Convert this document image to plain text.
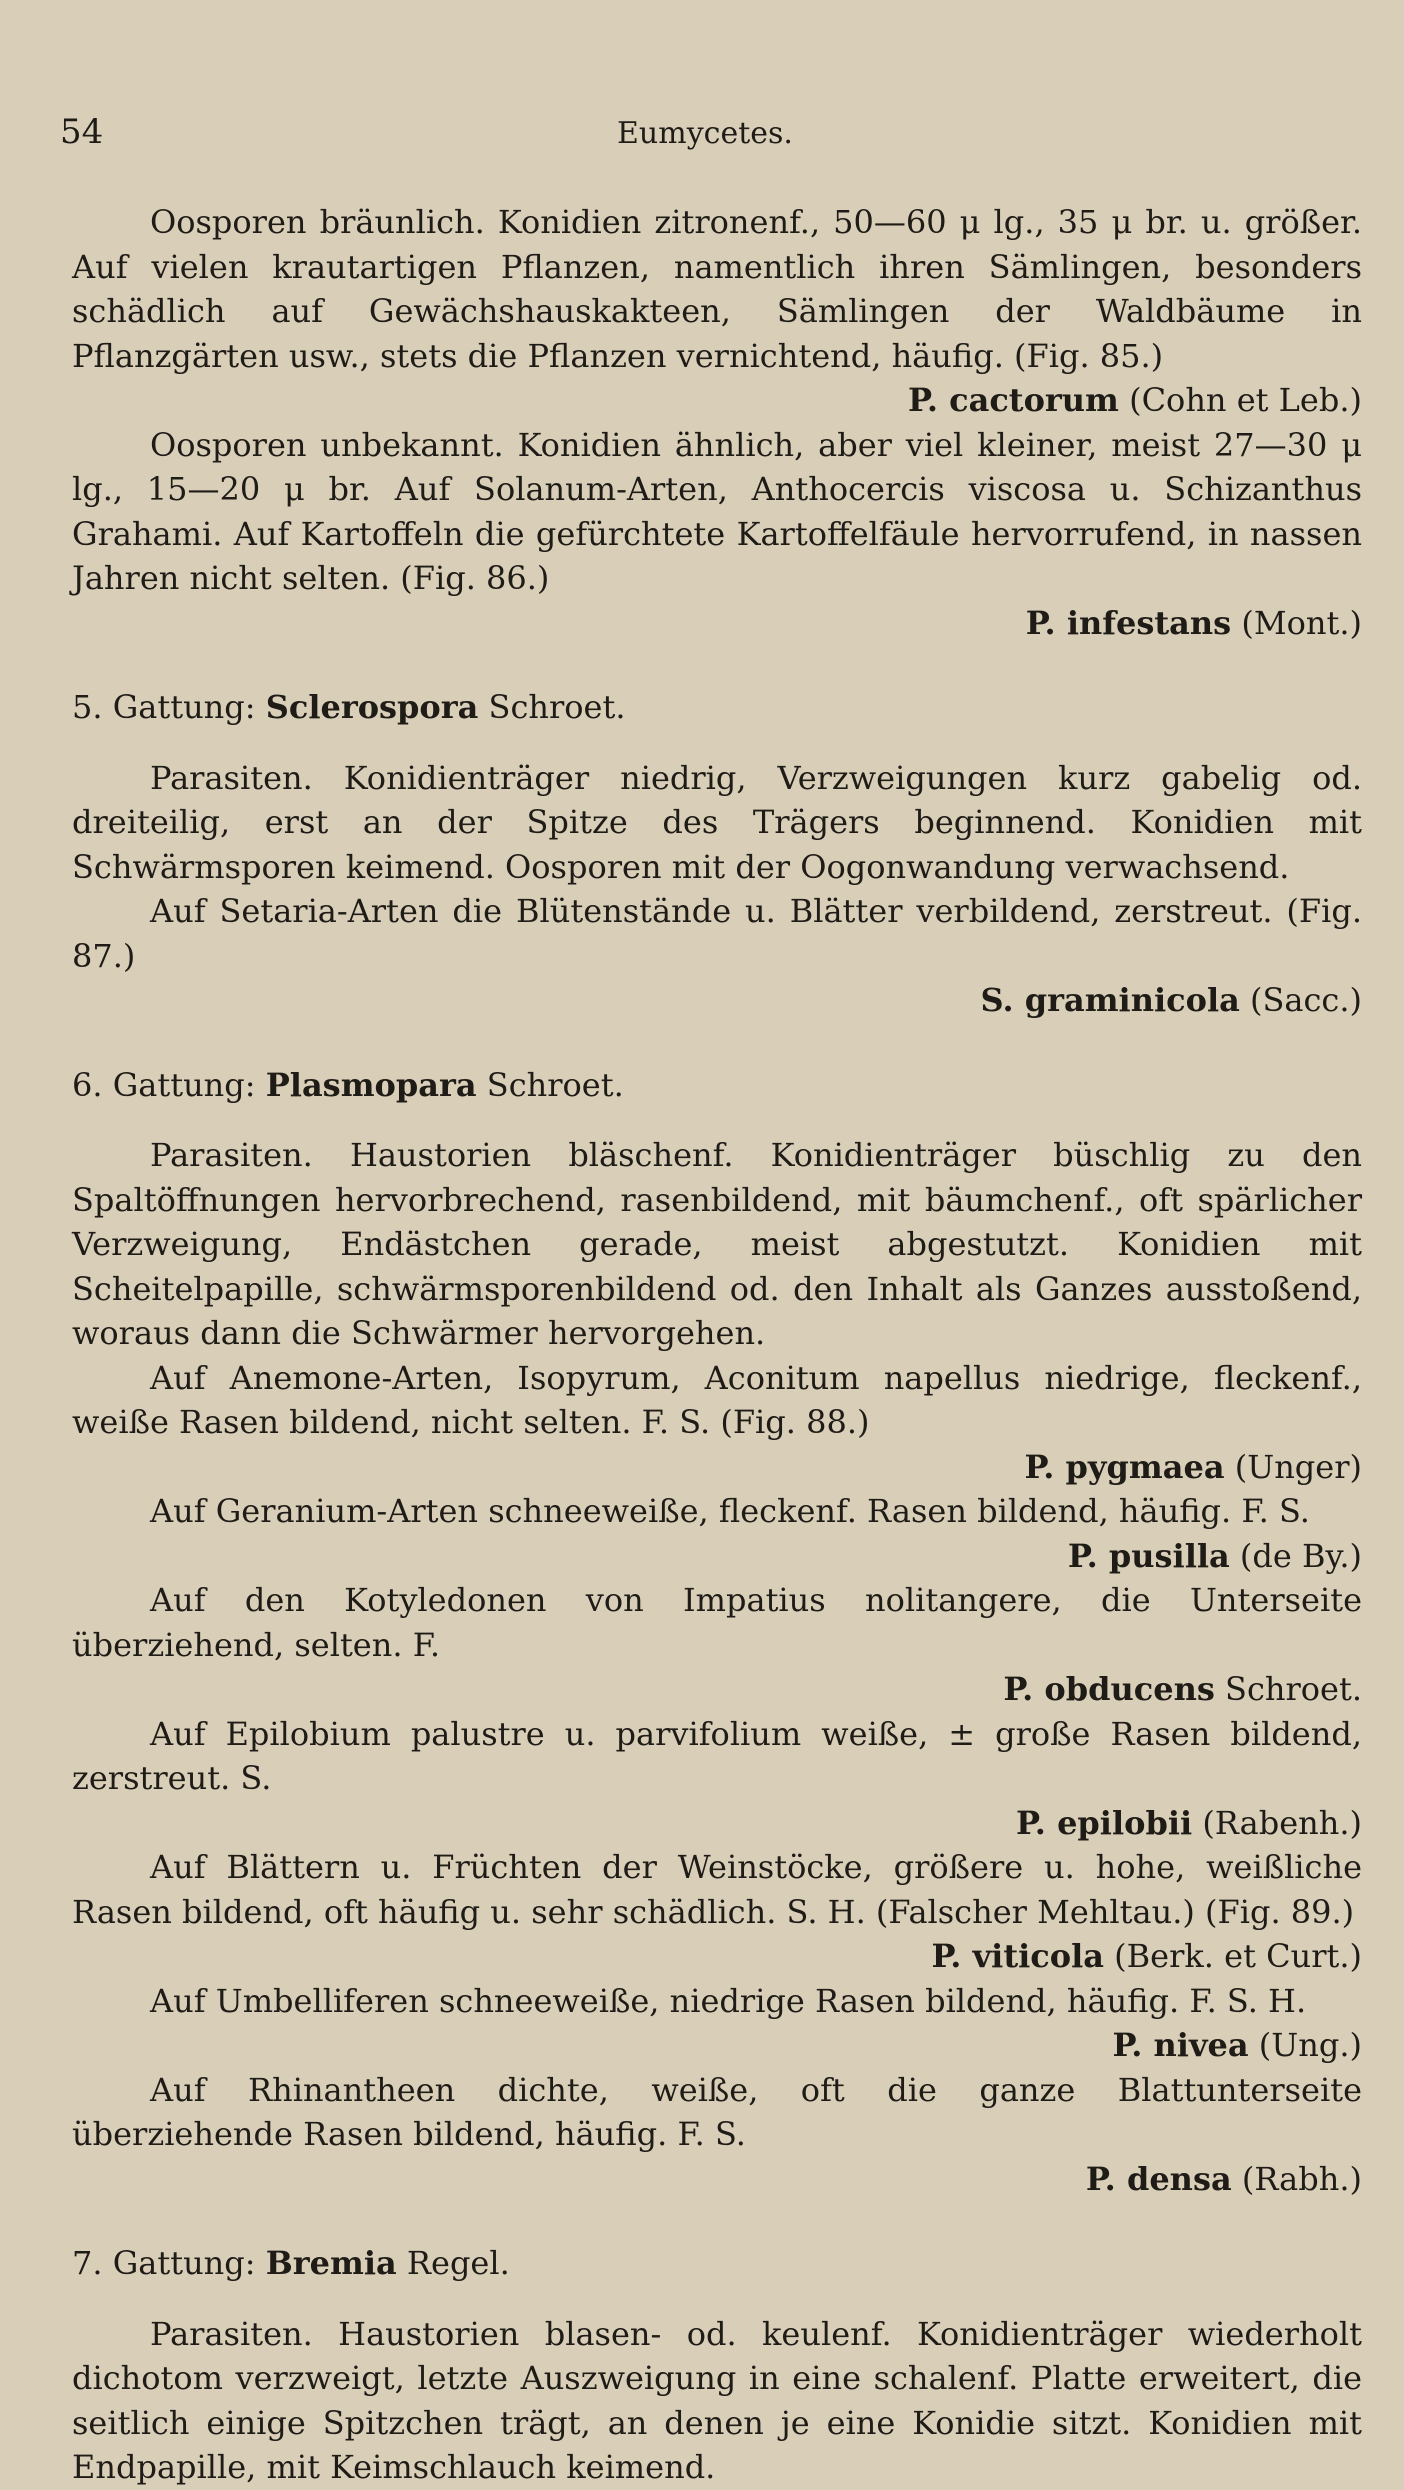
54	Eumycetes.

Oosporen bräunlich. Konidien zitronenf., 50—60 μ lg., 35 μ br. u. größer. Auf vielen krautartigen Pflanzen, namentlich ihren Sämlingen, besonders schädlich auf Gewächshauskakteen, Sämlingen der Waldbäume in Pflanzgärten usw., stets die Pflanzen vernichtend, häufig. (Fig. 85.)
P. cactorum (Cohn et Leb.)

Oosporen unbekannt. Konidien ähnlich, aber viel kleiner, meist 27—30 μ lg., 15—20 μ br. Auf Solanum-Arten, Anthocercis viscosa u. Schizanthus Grahami. Auf Kartoffeln die gefürchtete Kartoffelfäule hervorrufend, in nassen Jahren nicht selten. (Fig. 86.)
P. infestans (Mont.)

5. Gattung: Sclerospora Schroet.

Parasiten. Konidienträger niedrig, Verzweigungen kurz gabelig od. dreiteilig, erst an der Spitze des Trägers beginnend. Konidien mit Schwärmsporen keimend. Oosporen mit der Oogonwandung verwachsend.

Auf Setaria-Arten die Blütenstände u. Blätter verbildend, zerstreut. (Fig. 87.)
S. graminicola (Sacc.)

6. Gattung: Plasmopara Schroet.

Parasiten. Haustorien bläschenf. Konidienträger büschlig zu den Spaltöffnungen hervorbrechend, rasenbildend, mit bäumchenf., oft spärlicher Verzweigung, Endästchen gerade, meist abgestutzt. Konidien mit Scheitelpapille, schwärmsporenbildend od. den Inhalt als Ganzes ausstoßend, woraus dann die Schwärmer hervorgehen.

Auf Anemone-Arten, Isopyrum, Aconitum napellus niedrige, fleckenf., weiße Rasen bildend, nicht selten. F. S. (Fig. 88.)
P. pygmaea (Unger)

Auf Geranium-Arten schneeweiße, fleckenf. Rasen bildend, häufig. F. S.
P. pusilla (de By.)

Auf den Kotyledonen von Impatius nolitangere, die Unterseite überziehend, selten. F.
P. obducens Schroet.

Auf Epilobium palustre u. parvifolium weiße, ± große Rasen bildend, zerstreut. S.
P. epilobii (Rabenh.)

Auf Blättern u. Früchten der Weinstöcke, größere u. hohe, weißliche Rasen bildend, oft häufig u. sehr schädlich. S. H. (Falscher Mehltau.) (Fig. 89.)
P. viticola (Berk. et Curt.)

Auf Umbelliferen schneeweiße, niedrige Rasen bildend, häufig. F. S. H.
P. nivea (Ung.)

Auf Rhinantheen dichte, weiße, oft die ganze Blattunterseite überziehende Rasen bildend, häufig. F. S.
P. densa (Rabh.)

7. Gattung: Bremia Regel.

Parasiten. Haustorien blasen- od. keulenf. Konidienträger wiederholt dichotom verzweigt, letzte Auszweigung in eine schalenf. Platte erweitert, die seitlich einige Spitzchen trägt, an denen je eine Konidie sitzt. Konidien mit Endpapille, mit Keimschlauch keimend.
